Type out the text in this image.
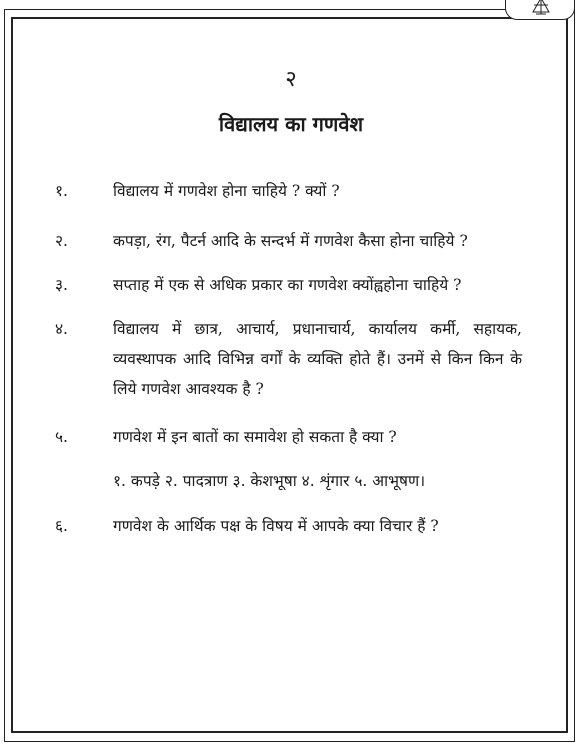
२
विद्यालय का गणवेश
१.	विद्यालय में गणवेश होना चाहिये ? क्यों ?
२.	कपड़ा, रंग, पैटर्न आदि के सन्दर्भ में गणवेश कैसा होना चाहिये ?
३.	सप्ताह में एक से अधिक प्रकार का गणवेश क्योंह्वहोना चाहिये ?
४.	विद्यालय में छात्र, आचार्य, प्रधानाचार्य, कार्यालय कर्मी, सहायक, व्यवस्थापक आदि विभिन्न वर्गों के व्यक्ति होते हैं। उनमें से किन किन के लिये गणवेश आवश्यक है ?
५.	गणवेश में इन बातों का समावेश हो सकता है क्या ?
१. कपड़े २. पादत्राण ३. केशभूषा ४. शृंगार ५. आभूषण।
६.	गणवेश के आर्थिक पक्ष के विषय में आपके क्या विचार हैं ?
